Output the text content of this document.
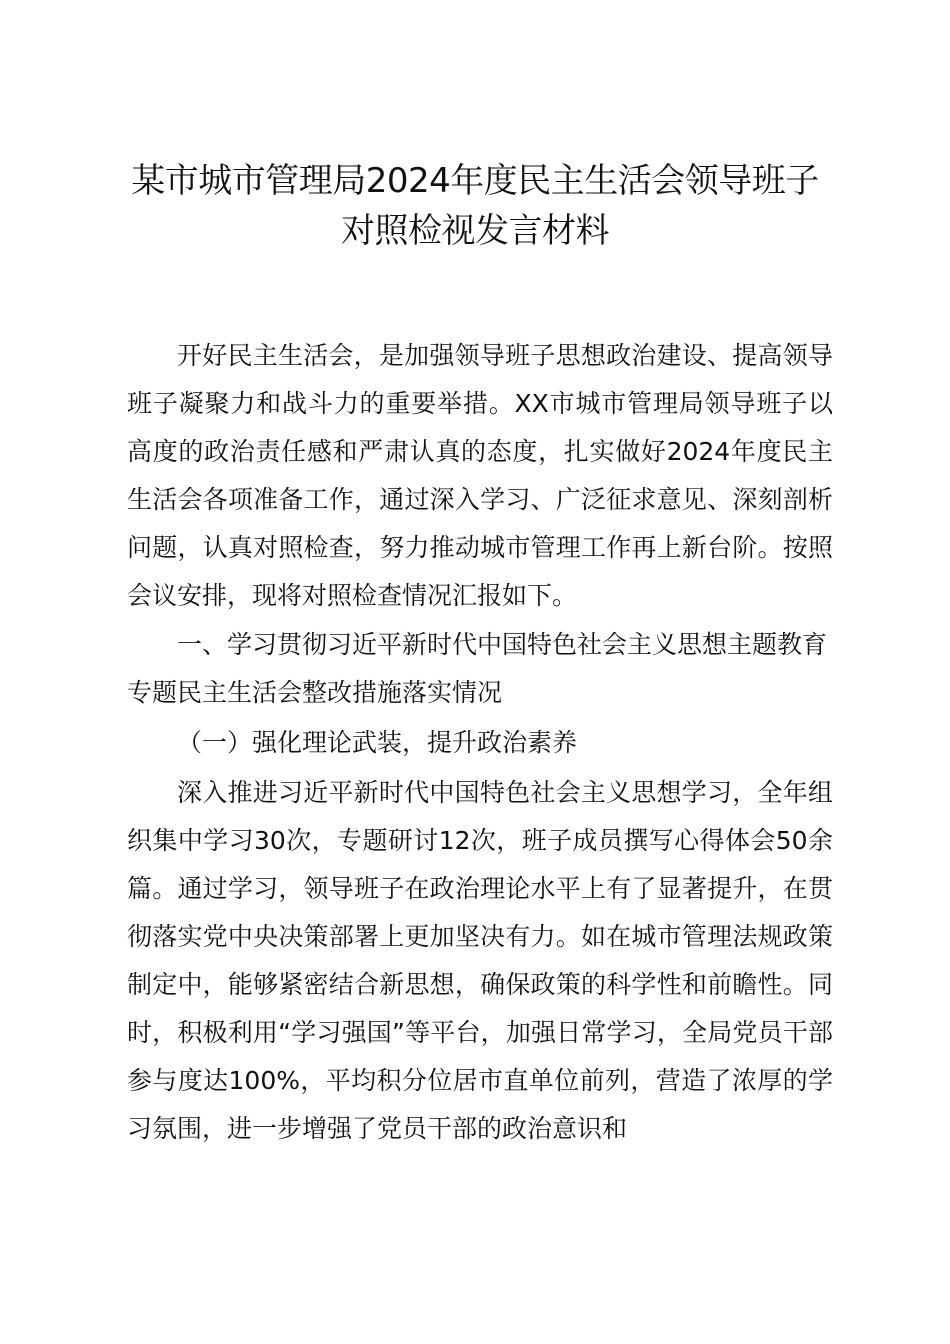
某市城市管理局2024年度民主生活会领导班子对照检视发言材料

开好民主生活会，是加强领导班子思想政治建设、提高领导班子凝聚力和战斗力的重要举措。XX市城市管理局领导班子以高度的政治责任感和严肃认真的态度，扎实做好2024年度民主生活会各项准备工作，通过深入学习、广泛征求意见、深刻剖析问题，认真对照检查，努力推动城市管理工作再上新台阶。按照会议安排，现将对照检查情况汇报如下。

一、学习贯彻习近平新时代中国特色社会主义思想主题教育专题民主生活会整改措施落实情况

（一）强化理论武装，提升政治素养

深入推进习近平新时代中国特色社会主义思想学习，全年组织集中学习30次，专题研讨12次，班子成员撰写心得体会50余篇。通过学习，领导班子在政治理论水平上有了显著提升，在贯彻落实党中央决策部署上更加坚决有力。如在城市管理法规政策制定中，能够紧密结合新思想，确保政策的科学性和前瞻性。同时，积极利用“学习强国”等平台，加强日常学习，全局党员干部参与度达100%，平均积分位居市直单位前列，营造了浓厚的学习氛围，进一步增强了党员干部的政治意识和
